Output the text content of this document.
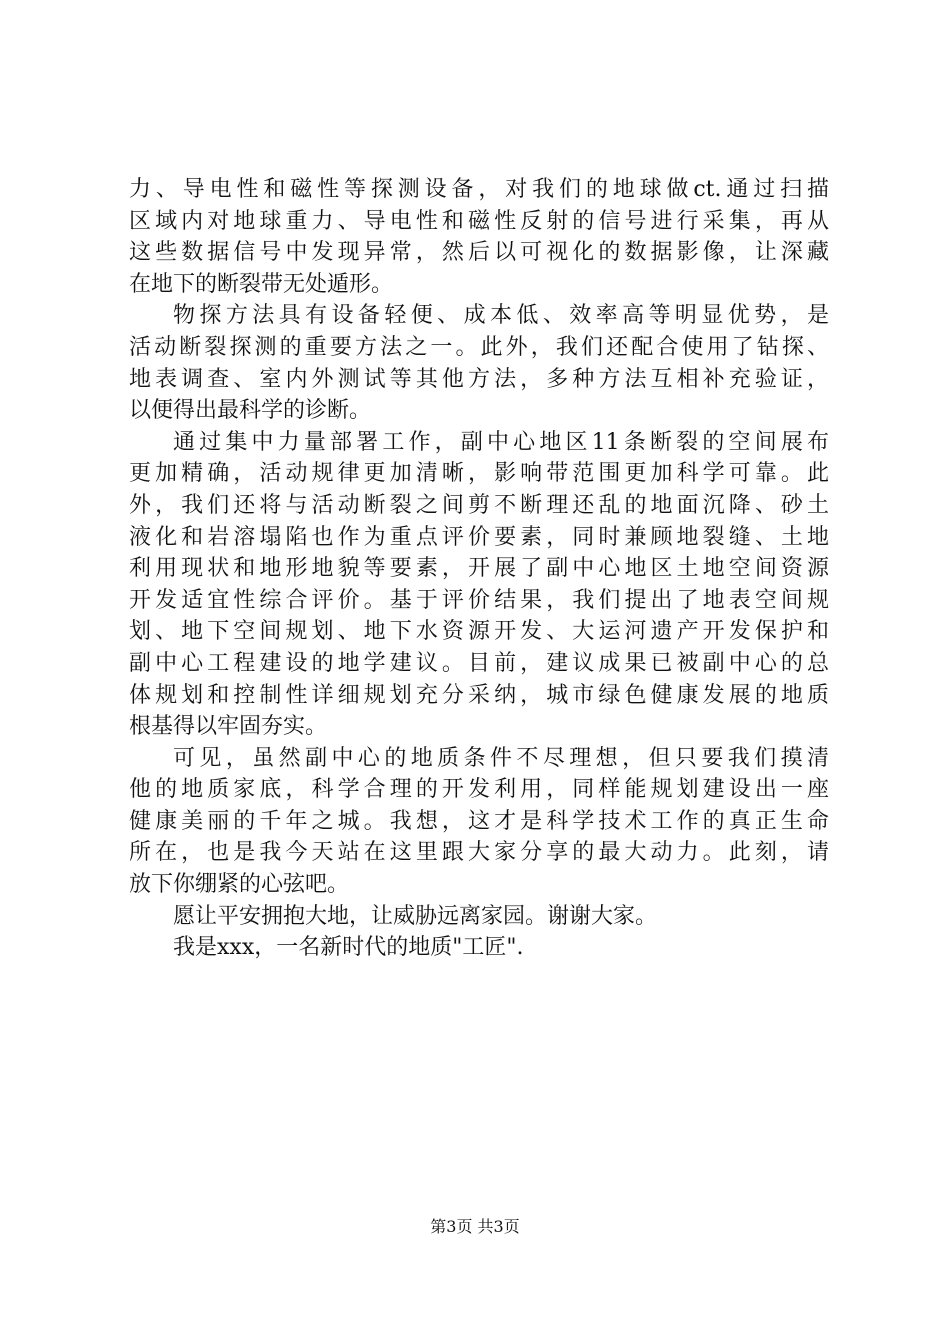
力、导电性和磁性等探测设备，对我们的地球做ct.通过扫描
区域内对地球重力、导电性和磁性反射的信号进行采集，再从
这些数据信号中发现异常，然后以可视化的数据影像，让深藏
在地下的断裂带无处遁形。
物探方法具有设备轻便、成本低、效率高等明显优势，是
活动断裂探测的重要方法之一。此外，我们还配合使用了钻探、
地表调查、室内外测试等其他方法，多种方法互相补充验证，
以便得出最科学的诊断。
通过集中力量部署工作，副中心地区11条断裂的空间展布
更加精确，活动规律更加清晰，影响带范围更加科学可靠。此
外，我们还将与活动断裂之间剪不断理还乱的地面沉降、砂土
液化和岩溶塌陷也作为重点评价要素，同时兼顾地裂缝、土地
利用现状和地形地貌等要素，开展了副中心地区土地空间资源
开发适宜性综合评价。基于评价结果，我们提出了地表空间规
划、地下空间规划、地下水资源开发、大运河遗产开发保护和
副中心工程建设的地学建议。目前，建议成果已被副中心的总
体规划和控制性详细规划充分采纳，城市绿色健康发展的地质
根基得以牢固夯实。
可见，虽然副中心的地质条件不尽理想，但只要我们摸清
他的地质家底，科学合理的开发利用，同样能规划建设出一座
健康美丽的千年之城。我想，这才是科学技术工作的真正生命
所在，也是我今天站在这里跟大家分享的最大动力。此刻，请
放下你绷紧的心弦吧。
愿让平安拥抱大地，让威胁远离家园。谢谢大家。
我是xxx，一名新时代的地质"工匠".
第3页 共3页
